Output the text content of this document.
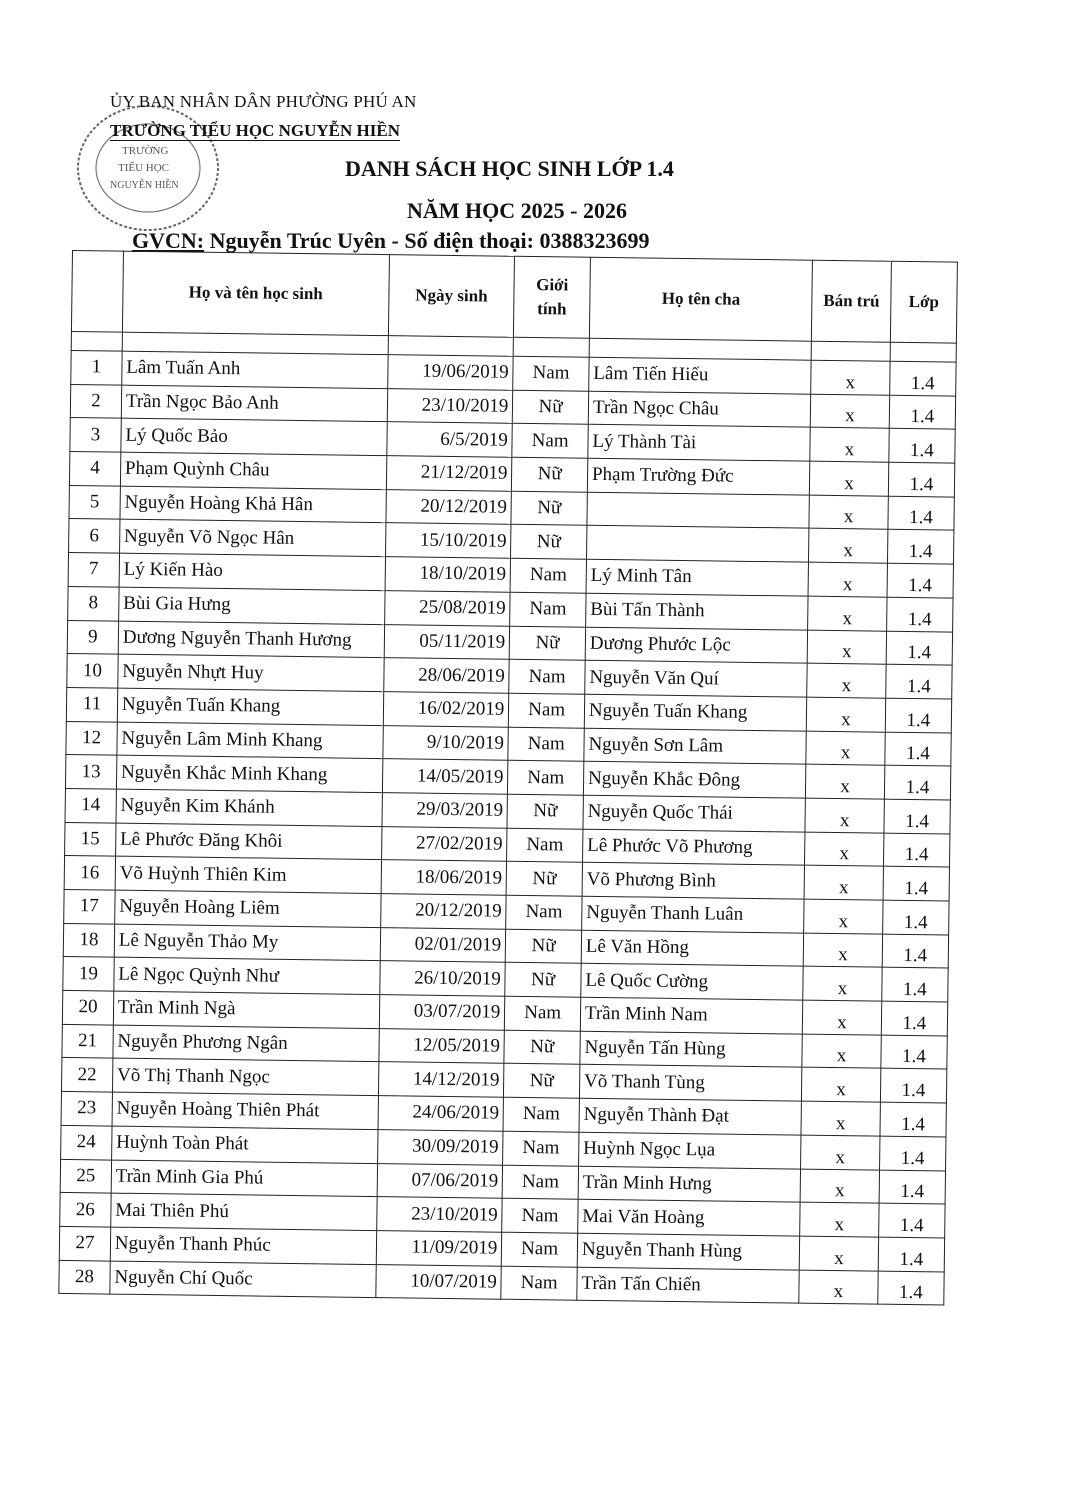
TRƯỜNG
TIỂU HỌC
NGUYỄN HIỀN
ỦY BAN NHÂN DÂN PHƯỜNG PHÚ AN
TRƯỜNG TIỂU HỌC NGUYỄN HIỀN
DANH SÁCH HỌC SINH LỚP 1.4
NĂM HỌC 2025 - 2026
GVCN: Nguyễn Trúc Uyên - Số điện thoại: 0388323699
	Họ và tên học sinh	Ngày sinh	Giới
tính	Họ tên cha	Bán trú	Lớp

1	Lâm Tuấn Anh	19/06/2019	Nam	Lâm Tiến Hiếu	x	1.4
2	Trần Ngọc Bảo Anh	23/10/2019	Nữ	Trần Ngọc Châu	x	1.4
3	Lý Quốc Bảo	6/5/2019	Nam	Lý Thành Tài	x	1.4
4	Phạm Quỳnh Châu	21/12/2019	Nữ	Phạm Trường Đức	x	1.4
5	Nguyễn Hoàng Khả Hân	20/12/2019	Nữ		x	1.4
6	Nguyễn Võ Ngọc Hân	15/10/2019	Nữ		x	1.4
7	Lý Kiến Hào	18/10/2019	Nam	Lý Minh Tân	x	1.4
8	Bùi Gia Hưng	25/08/2019	Nam	Bùi Tấn Thành	x	1.4
9	Dương Nguyễn Thanh Hương	05/11/2019	Nữ	Dương Phước Lộc	x	1.4
10	Nguyễn Nhựt Huy	28/06/2019	Nam	Nguyễn Văn Quí	x	1.4
11	Nguyễn Tuấn Khang	16/02/2019	Nam	Nguyễn Tuấn Khang	x	1.4
12	Nguyễn Lâm Minh Khang	9/10/2019	Nam	Nguyễn Sơn Lâm	x	1.4
13	Nguyễn Khắc Minh Khang	14/05/2019	Nam	Nguyễn Khắc Đông	x	1.4
14	Nguyễn Kim Khánh	29/03/2019	Nữ	Nguyễn Quốc Thái	x	1.4
15	Lê Phước Đăng Khôi	27/02/2019	Nam	Lê Phước Võ Phương	x	1.4
16	Võ Huỳnh Thiên Kim	18/06/2019	Nữ	Võ Phương Bình	x	1.4
17	Nguyễn Hoàng Liêm	20/12/2019	Nam	Nguyễn Thanh Luân	x	1.4
18	Lê Nguyễn Thảo My	02/01/2019	Nữ	Lê Văn Hồng	x	1.4
19	Lê Ngọc Quỳnh Như	26/10/2019	Nữ	Lê Quốc Cường	x	1.4
20	Trần Minh Ngà	03/07/2019	Nam	Trần Minh Nam	x	1.4
21	Nguyễn Phương Ngân	12/05/2019	Nữ	Nguyễn Tấn Hùng	x	1.4
22	Võ Thị Thanh Ngọc	14/12/2019	Nữ	Võ Thanh Tùng	x	1.4
23	Nguyễn Hoàng Thiên Phát	24/06/2019	Nam	Nguyễn Thành Đạt	x	1.4
24	Huỳnh Toàn Phát	30/09/2019	Nam	Huỳnh Ngọc Lụa	x	1.4
25	Trần Minh Gia Phú	07/06/2019	Nam	Trần Minh Hưng	x	1.4
26	Mai Thiên Phú	23/10/2019	Nam	Mai Văn Hoàng	x	1.4
27	Nguyễn Thanh Phúc	11/09/2019	Nam	Nguyễn Thanh Hùng	x	1.4
28	Nguyễn Chí Quốc	10/07/2019	Nam	Trần Tấn Chiến	x	1.4
